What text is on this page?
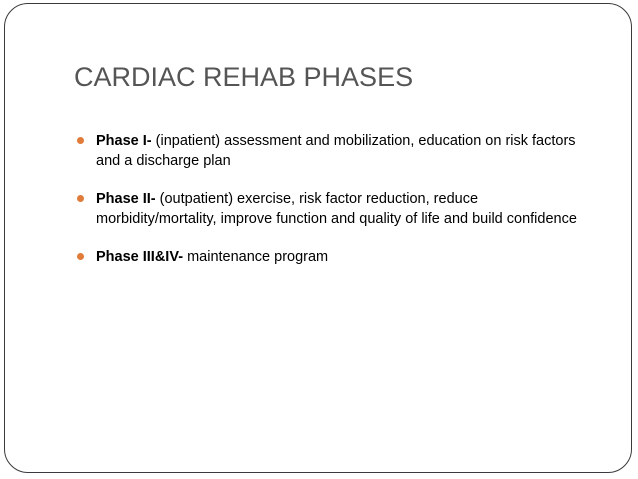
CARDIAC REHAB PHASES
Phase I- (inpatient) assessment and mobilization, education on risk factors and a discharge plan
Phase II- (outpatient) exercise, risk factor reduction, reduce morbidity/mortality, improve function and quality of life and build confidence
Phase III&IV- maintenance program
